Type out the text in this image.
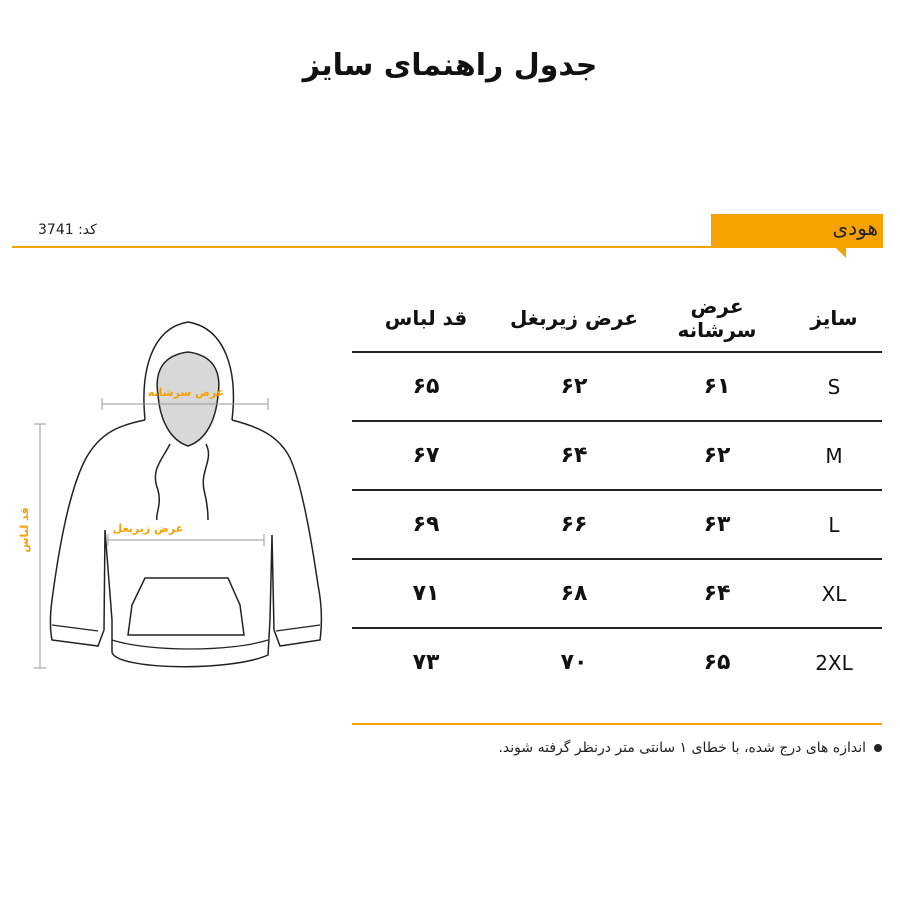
جدول راهنمای سایز
هودی
کد: 3741
عرض سرشانه
عرض زیربغل
قد لباس
سایز
عرض سرشانه
عرض زیربغل
قد لباس
S
۶۱
۶۲
۶۵
M
۶۲
۶۴
۶۷
L
۶۳
۶۶
۶۹
XL
۶۴
۶۸
۷۱
2XL
۶۵
۷۰
۷۳
اندازه های درج شده، با خطای ۱ سانتی متر درنظر گرفته شوند.
